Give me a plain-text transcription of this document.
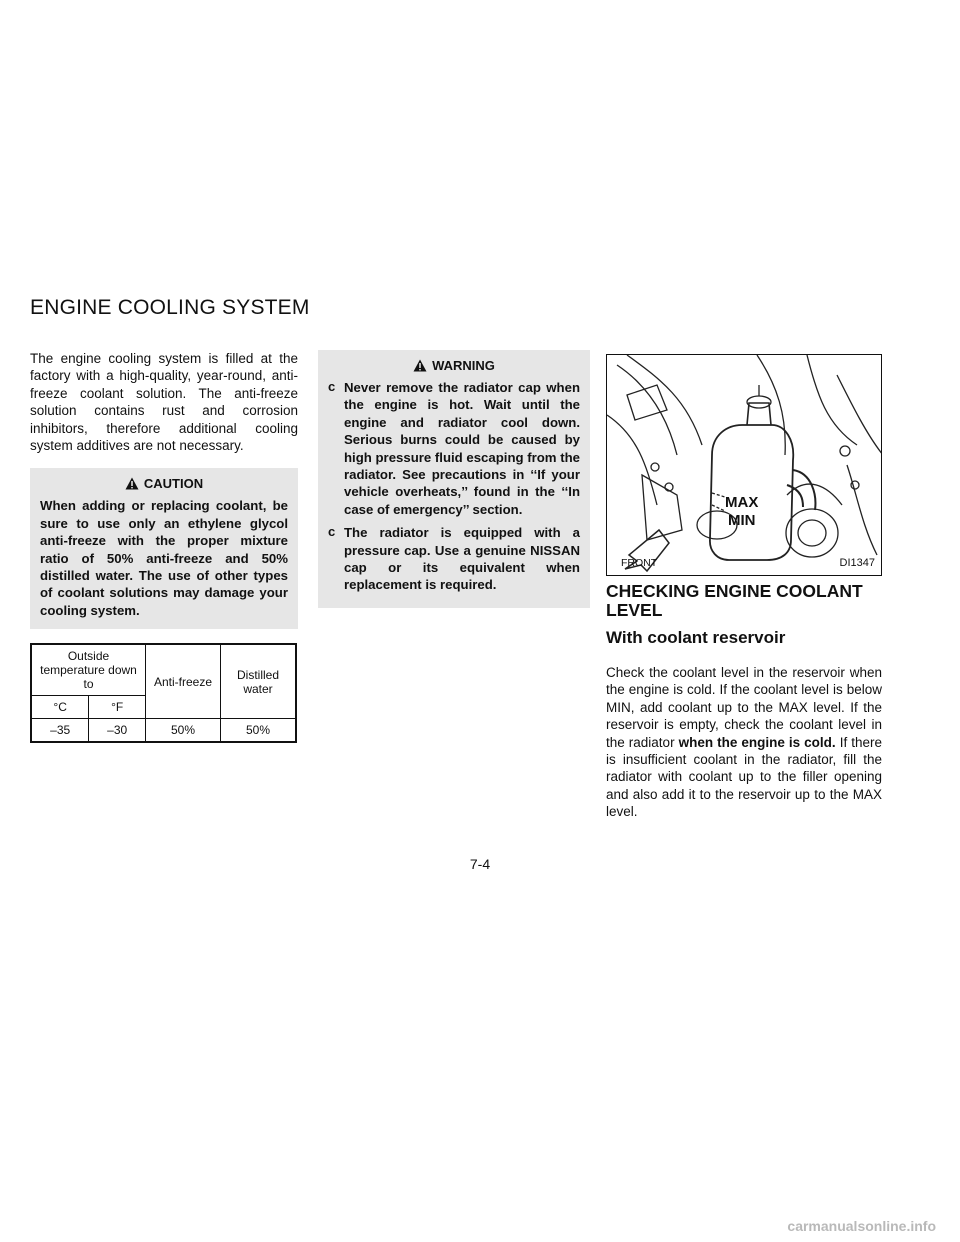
ENGINE COOLING SYSTEM

The engine cooling system is filled at the factory with a high-quality, year-round, anti-freeze coolant solution. The anti-freeze solution contains rust and corrosion inhibitors, therefore additional cooling system additives are not necessary.

CAUTION

When adding or replacing coolant, be sure to use only an ethylene glycol anti-freeze with the proper mixture ratio of 50% anti-freeze and 50% distilled water. The use of other types of coolant solutions may damage your cooling system.

Outside temperature down to		Anti-freeze	Distilled water
°C	°F		
–35	–30	50%	50%
WARNING
c Never remove the radiator cap when the engine is hot. Wait until the engine and radiator cool down. Serious burns could be caused by high pressure fluid escaping from the radiator. See precautions in ‘‘If your vehicle overheats,’’ found in the ‘‘In case of emergency’’ section.
c The radiator is equipped with a pressure cap. Use a genuine NISSAN cap or its equivalent when replacement is required.
MAX
MIN
FRONT	DI1347
CHECKING ENGINE COOLANT LEVEL
With coolant reservoir

Check the coolant level in the reservoir when the engine is cold. If the coolant level is below MIN, add coolant up to the MAX level. If the reservoir is empty, check the coolant level in the radiator when the engine is cold. If there is insufficient coolant in the radiator, fill the radiator with coolant up to the filler opening and also add it to the reservoir up to the MAX level.

7-4
carmanualsonline.info
